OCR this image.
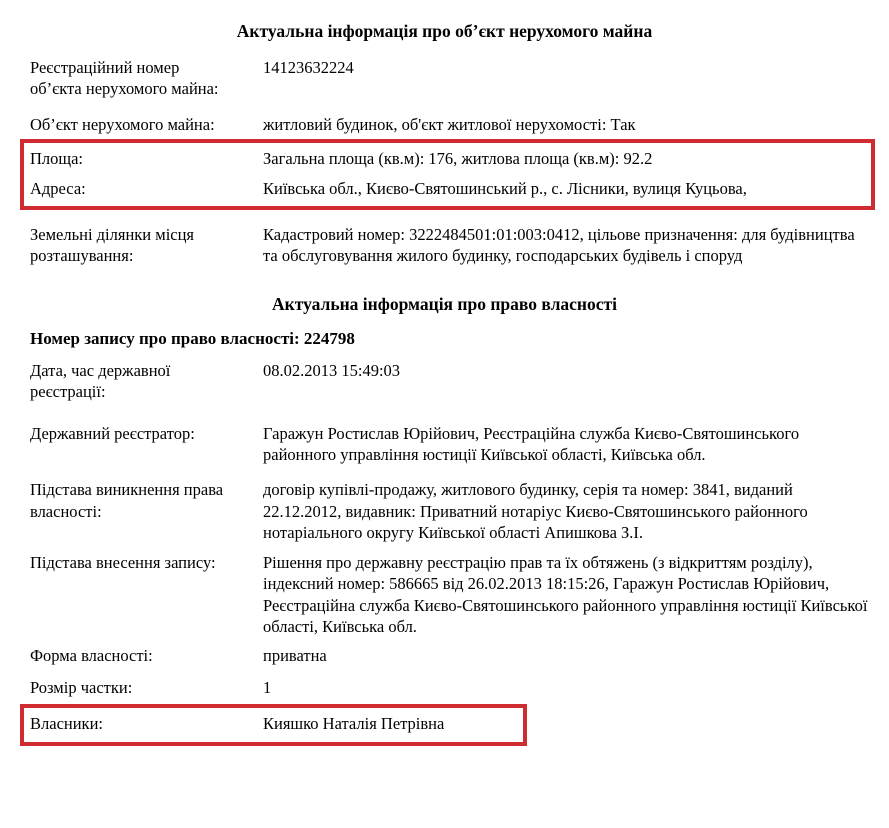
Актуальна інформація про об’єкт нерухомого майна
Реєстраційний номер об’єкта нерухомого майна:
14123632224
Об’єкт нерухомого майна:	житловий будинок, об'єкт житлової нерухомості: Так
Площа:	Загальна площа (кв.м): 176, житлова площа (кв.м): 92.2
Адреса:	Київська обл., Києво-Святошинський р., с. Лісники, вулиця Куцьова,
Земельні ділянки місця розташування:
Кадастровий номер: 3222484501:01:003:0412, цільове призначення: для будівництва та обслуговування жилого будинку, господарських будівель і споруд
Актуальна інформація про право власності
Номер запису про право власності: 224798
Дата, час державної реєстрації:
08.02.2013 15:49:03
Державний реєстратор:	Гаражун Ростислав Юрійович, Реєстраційна служба Києво-Святошинського районного управління юстиції Київської області, Київська обл.
Підстава виникнення права власності:
договір купівлі-продажу, житлового будинку, серія та номер: 3841, виданий 22.12.2012, видавник: Приватний нотаріус Києво-Святошинського районного нотаріального округу Київської області Апишкова З.І.
Підстава внесення запису:	Рішення про державну реєстрацію прав та їх обтяжень (з відкриттям розділу), індексний номер: 586665 від 26.02.2013 18:15:26, Гаражун Ростислав Юрійович, Реєстраційна служба Києво-Святошинського районного управління юстиції Київської області, Київська обл.
Форма власності:	приватна
Розмір частки:	1
Власники:	Кияшко Наталія Петрівна
